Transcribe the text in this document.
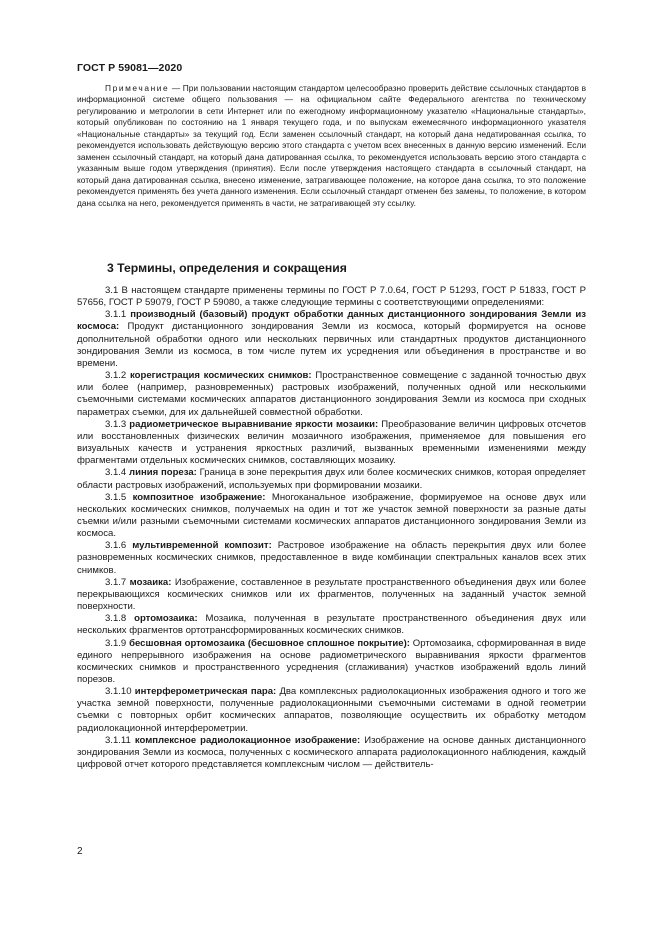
ГОСТ Р 59081—2020

Примечание — При пользовании настоящим стандартом целесообразно проверить действие ссылочных стандартов в информационной системе общего пользования — на официальном сайте Федерального агентства по техническому регулированию и метрологии в сети Интернет или по ежегодному информационному указателю «Национальные стандарты», который опубликован по состоянию на 1 января текущего года, и по выпускам ежемесячного информационного указателя «Национальные стандарты» за текущий год. Если заменен ссылочный стандарт, на который дана недатированная ссылка, то рекомендуется использовать действующую версию этого стандарта с учетом всех внесенных в данную версию изменений. Если заменен ссылочный стандарт, на который дана датированная ссылка, то рекомендуется использовать версию этого стандарта с указанным выше годом утверждения (принятия). Если после утверждения настоящего стандарта в ссылочный стандарт, на который дана датированная ссылка, внесено изменение, затрагивающее положение, на которое дана ссылка, то это положение рекомендуется применять без учета данного изменения. Если ссылочный стандарт отменен без замены, то положение, в котором дана ссылка на него, рекомендуется применять в части, не затрагивающей эту ссылку.

3 Термины, определения и сокращения

3.1 В настоящем стандарте применены термины по ГОСТ Р 7.0.64, ГОСТ Р 51293, ГОСТ Р 51833, ГОСТ Р 57656, ГОСТ Р 59079, ГОСТ Р 59080, а также следующие термины с соответствующими определениями:

3.1.1 производный (базовый) продукт обработки данных дистанционного зондирования Земли из космоса: Продукт дистанционного зондирования Земли из космоса, который формируется на основе дополнительной обработки одного или нескольких первичных или стандартных продуктов дистанционного зондирования Земли из космоса, в том числе путем их усреднения или объединения в пространстве и во времени.

3.1.2 корегистрация космических снимков: Пространственное совмещение с заданной точностью двух или более (например, разновременных) растровых изображений, полученных одной или несколькими съемочными системами космических аппаратов дистанционного зондирования Земли из космоса при сходных параметрах съемки, для их дальнейшей совместной обработки.

3.1.3 радиометрическое выравнивание яркости мозаики: Преобразование величин цифровых отсчетов или восстановленных физических величин мозаичного изображения, применяемое для повышения его визуальных качеств и устранения яркостных различий, вызванных временными изменениями между фрагментами отдельных космических снимков, составляющих мозаику.

3.1.4 линия пореза: Граница в зоне перекрытия двух или более космических снимков, которая определяет области растровых изображений, используемых при формировании мозаики.

3.1.5 композитное изображение: Многоканальное изображение, формируемое на основе двух или нескольких космических снимков, получаемых на один и тот же участок земной поверхности за разные даты съемки и/или разными съемочными системами космических аппаратов дистанционного зондирования Земли из космоса.

3.1.6 мультивременной композит: Растровое изображение на область перекрытия двух или более разновременных космических снимков, предоставленное в виде комбинации спектральных каналов всех этих снимков.

3.1.7 мозаика: Изображение, составленное в результате пространственного объединения двух или более перекрывающихся космических снимков или их фрагментов, полученных на заданный участок земной поверхности.

3.1.8 ортомозаика: Мозаика, полученная в результате пространственного объединения двух или нескольких фрагментов ортотрансформированных космических снимков.

3.1.9 бесшовная ортомозаика (бесшовное сплошное покрытие): Ортомозаика, сформированная в виде единого непрерывного изображения на основе радиометрического выравнивания яркости фрагментов космических снимков и пространственного усреднения (сглаживания) участков изображений вдоль линий порезов.

3.1.10 интерферометрическая пара: Два комплексных радиолокационных изображения одного и того же участка земной поверхности, полученные радиолокационными съемочными системами в одной геометрии съемки с повторных орбит космических аппаратов, позволяющие осуществить их обработку методом радиолокационной интерферометрии.

3.1.11 комплексное радиолокационное изображение: Изображение на основе данных дистанционного зондирования Земли из космоса, полученных с космического аппарата радиолокационного наблюдения, каждый цифровой отчет которого представляется комплексным числом — действитель-

2
